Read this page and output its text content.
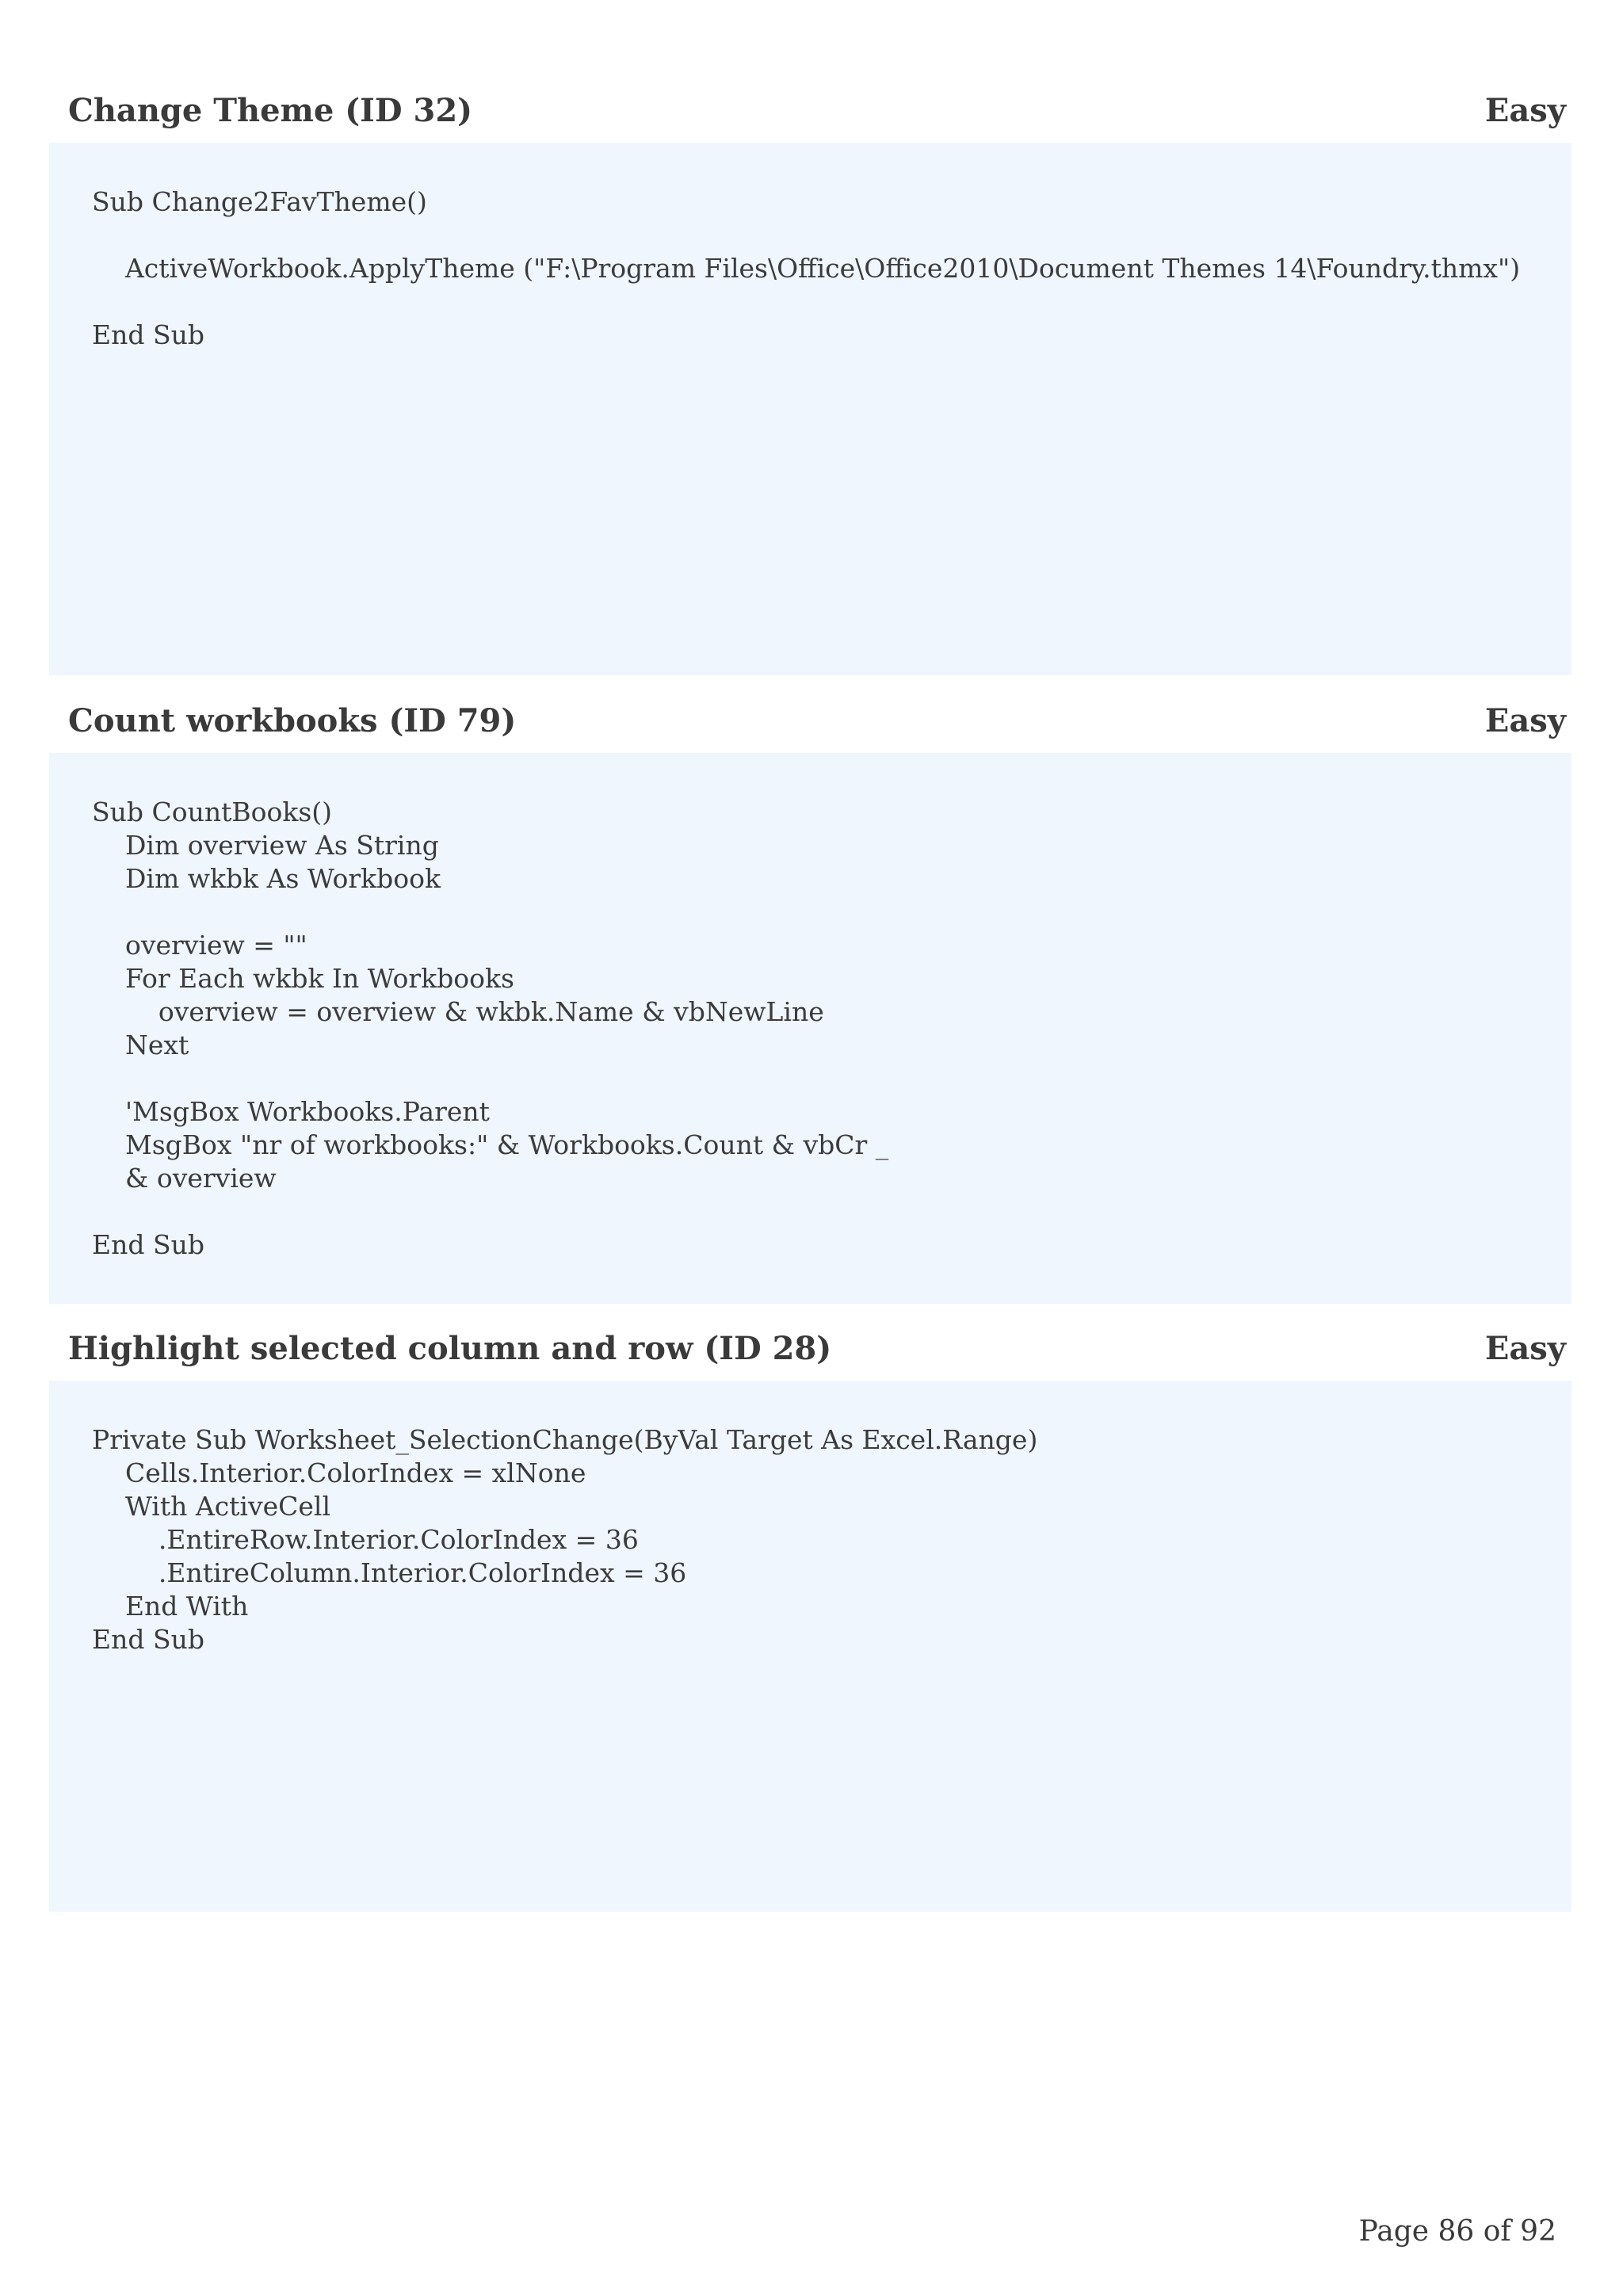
Change Theme (ID 32)	Easy
Sub Change2FavTheme()
ActiveWorkbook.ApplyTheme ("F:\Program Files\Office\Office2010\Document Themes 14\Foundry.thmx")
End Sub
Count workbooks (ID 79)	Easy
Sub CountBooks()
Dim overview As String
Dim wkbk As Workbook
overview = ""
For Each wkbk In Workbooks
overview = overview & wkbk.Name & vbNewLine
Next
'MsgBox Workbooks.Parent
MsgBox "nr of workbooks:" & Workbooks.Count & vbCr _
& overview
End Sub
Highlight selected column and row (ID 28)	Easy
Private Sub Worksheet_SelectionChange(ByVal Target As Excel.Range)
Cells.Interior.ColorIndex = xlNone
With ActiveCell
.EntireRow.Interior.ColorIndex = 36
.EntireColumn.Interior.ColorIndex = 36
End With
End Sub
Page 86 of 92
